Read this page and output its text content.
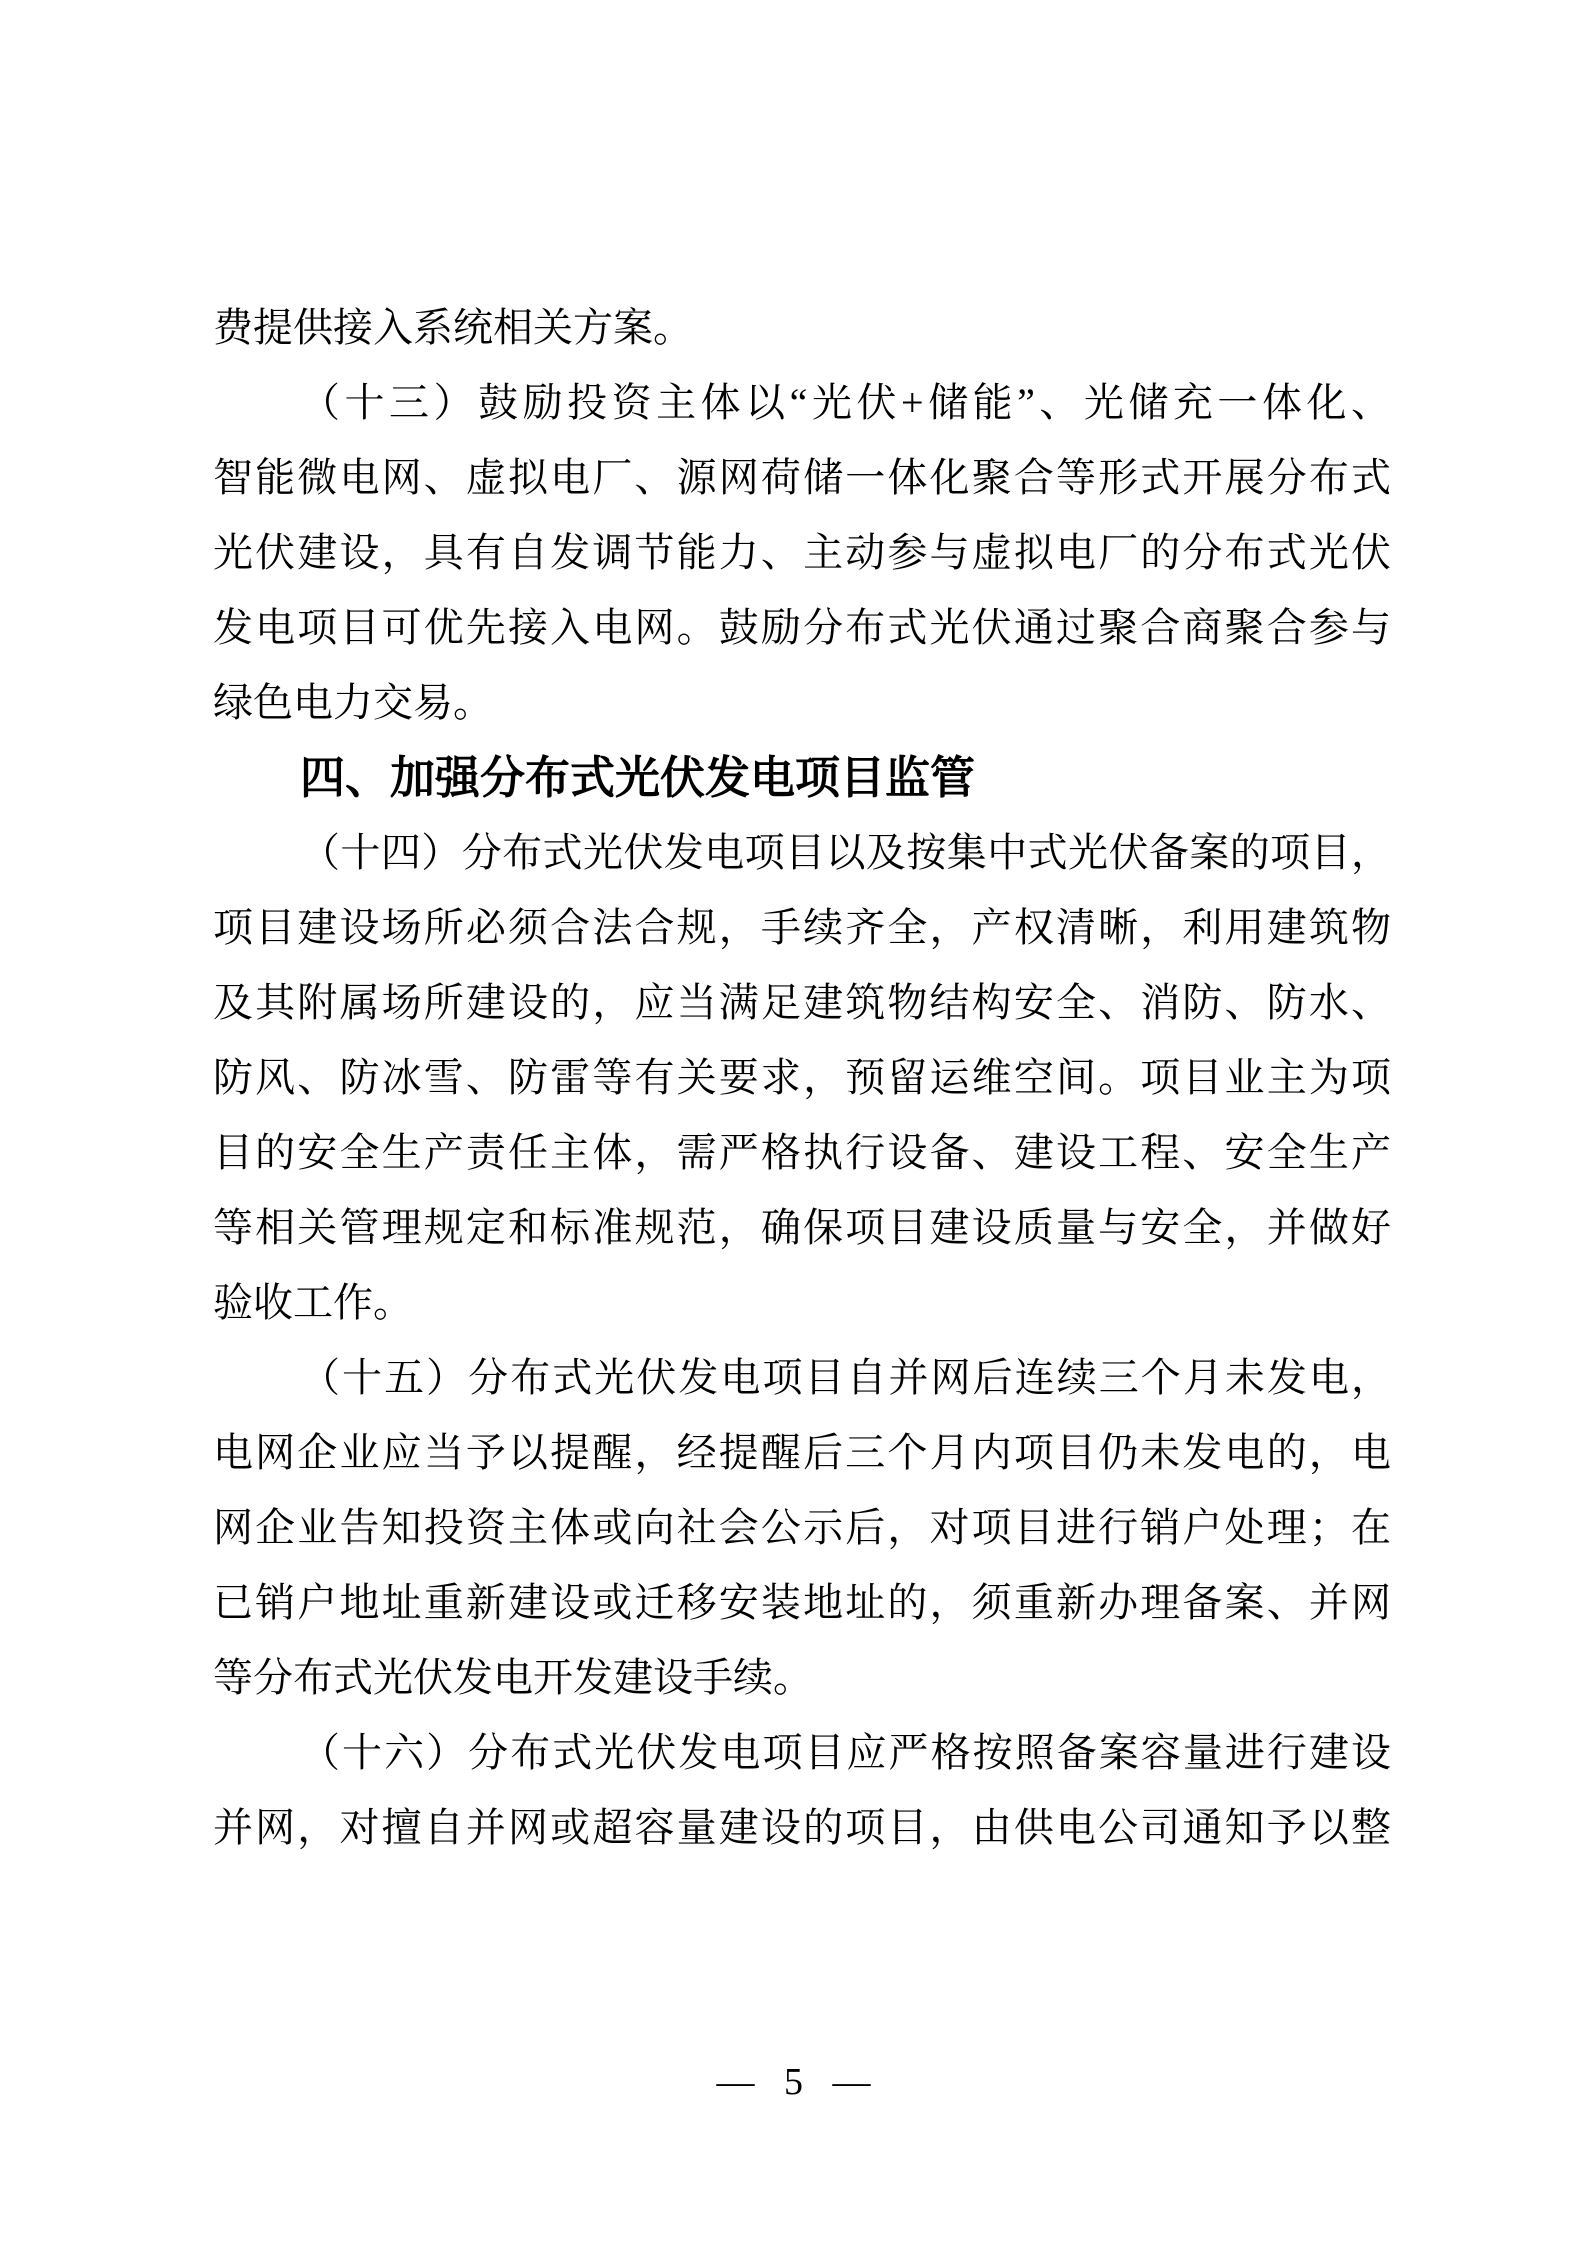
费提供接入系统相关方案。
（十三）鼓励投资主体以“光伏+储能”、光储充一体化、
智能微电网、虚拟电厂、源网荷储一体化聚合等形式开展分布式
光伏建设，具有自发调节能力、主动参与虚拟电厂的分布式光伏
发电项目可优先接入电网。鼓励分布式光伏通过聚合商聚合参与
绿色电力交易。
四、加强分布式光伏发电项目监管
（十四）分布式光伏发电项目以及按集中式光伏备案的项目，
项目建设场所必须合法合规，手续齐全，产权清晰，利用建筑物
及其附属场所建设的，应当满足建筑物结构安全、消防、防水、
防风、防冰雪、防雷等有关要求，预留运维空间。项目业主为项
目的安全生产责任主体，需严格执行设备、建设工程、安全生产
等相关管理规定和标准规范，确保项目建设质量与安全，并做好
验收工作。
（十五）分布式光伏发电项目自并网后连续三个月未发电，
电网企业应当予以提醒，经提醒后三个月内项目仍未发电的，电
网企业告知投资主体或向社会公示后，对项目进行销户处理；在
已销户地址重新建设或迁移安装地址的，须重新办理备案、并网
等分布式光伏发电开发建设手续。
（十六）分布式光伏发电项目应严格按照备案容量进行建设
并网，对擅自并网或超容量建设的项目，由供电公司通知予以整
— 5 —
